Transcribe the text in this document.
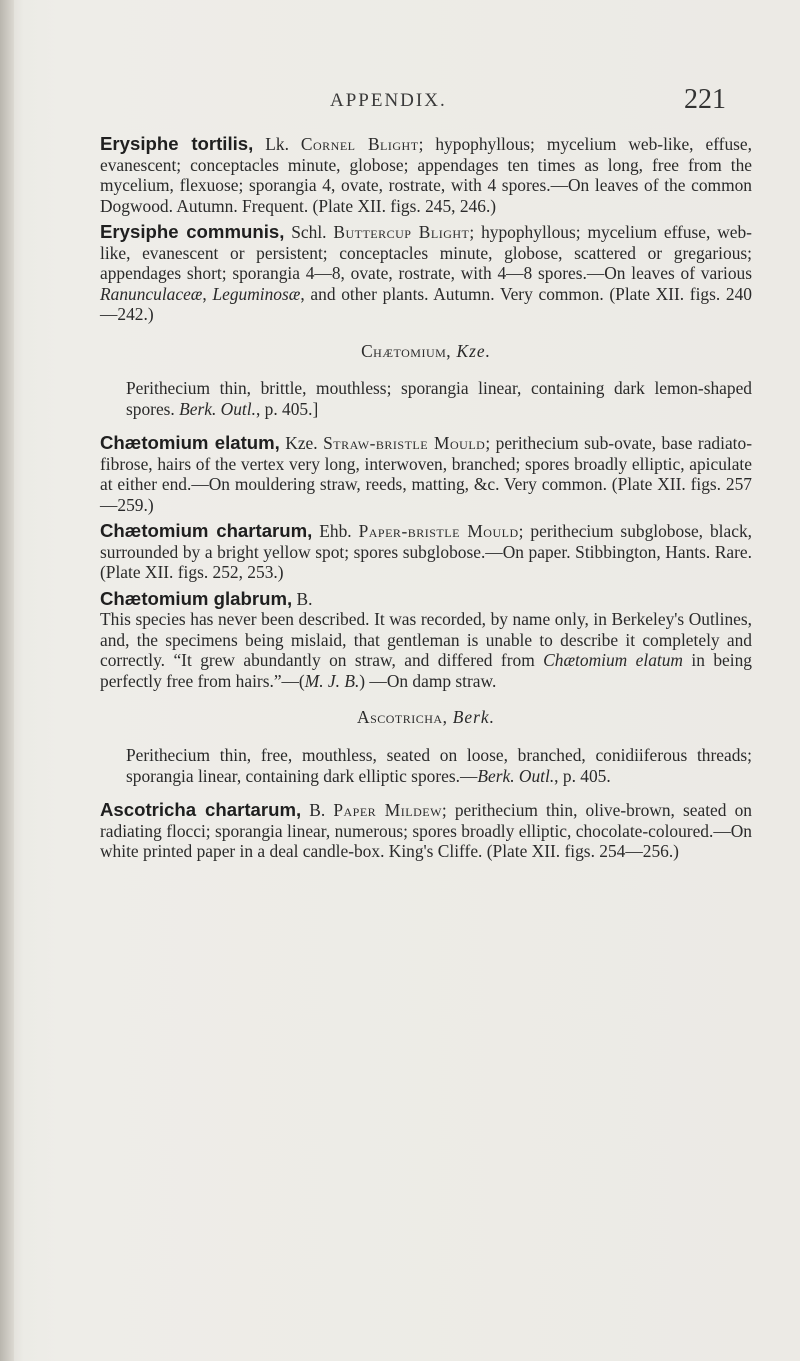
APPENDIX.	221

Erysiphe tortilis, Lk. Cornel Blight; hypophyllous; mycelium web-like, effuse, evanescent; conceptacles minute, globose; appendages ten times as long, free from the mycelium, flexuose; sporangia 4, ovate, rostrate, with 4 spores.—On leaves of the common Dogwood. Autumn. Frequent. (Plate XII. figs. 245, 246.)

Erysiphe communis, Schl. Buttercup Blight; hypophyllous; mycelium effuse, web-like, evanescent or persistent; conceptacles minute, globose, scattered or gregarious; appendages short; sporangia 4—8, ovate, rostrate, with 4—8 spores.—On leaves of various Ranunculaceæ, Leguminosæ, and other plants. Autumn. Very common. (Plate XII. figs. 240—242.)

Chætomium, Kze.

Perithecium thin, brittle, mouthless; sporangia linear, containing dark lemon-shaped spores. Berk. Outl., p. 405.]

Chætomium elatum, Kze. Straw-bristle Mould; perithecium sub-ovate, base radiato-fibrose, hairs of the vertex very long, interwoven, branched; spores broadly elliptic, apiculate at either end.—On mouldering straw, reeds, matting, &c. Very common. (Plate XII. figs. 257—259.)

Chætomium chartarum, Ehb. Paper-bristle Mould; perithecium subglobose, black, surrounded by a bright yellow spot; spores subglobose.—On paper. Stibbington, Hants. Rare. (Plate XII. figs. 252, 253.)

Chætomium glabrum, B.
This species has never been described. It was recorded, by name only, in Berkeley's Outlines, and, the specimens being mislaid, that gentleman is unable to describe it completely and correctly. “It grew abundantly on straw, and differed from Chætomium elatum in being perfectly free from hairs.”—(M. J. B.) —On damp straw.

Ascotricha, Berk.

Perithecium thin, free, mouthless, seated on loose, branched, conidiiferous threads; sporangia linear, containing dark elliptic spores.—Berk. Outl., p. 405.

Ascotricha chartarum, B. Paper Mildew; perithecium thin, olive-brown, seated on radiating flocci; sporangia linear, numerous; spores broadly elliptic, chocolate-coloured.—On white printed paper in a deal candle-box. King's Cliffe. (Plate XII. figs. 254—256.)
